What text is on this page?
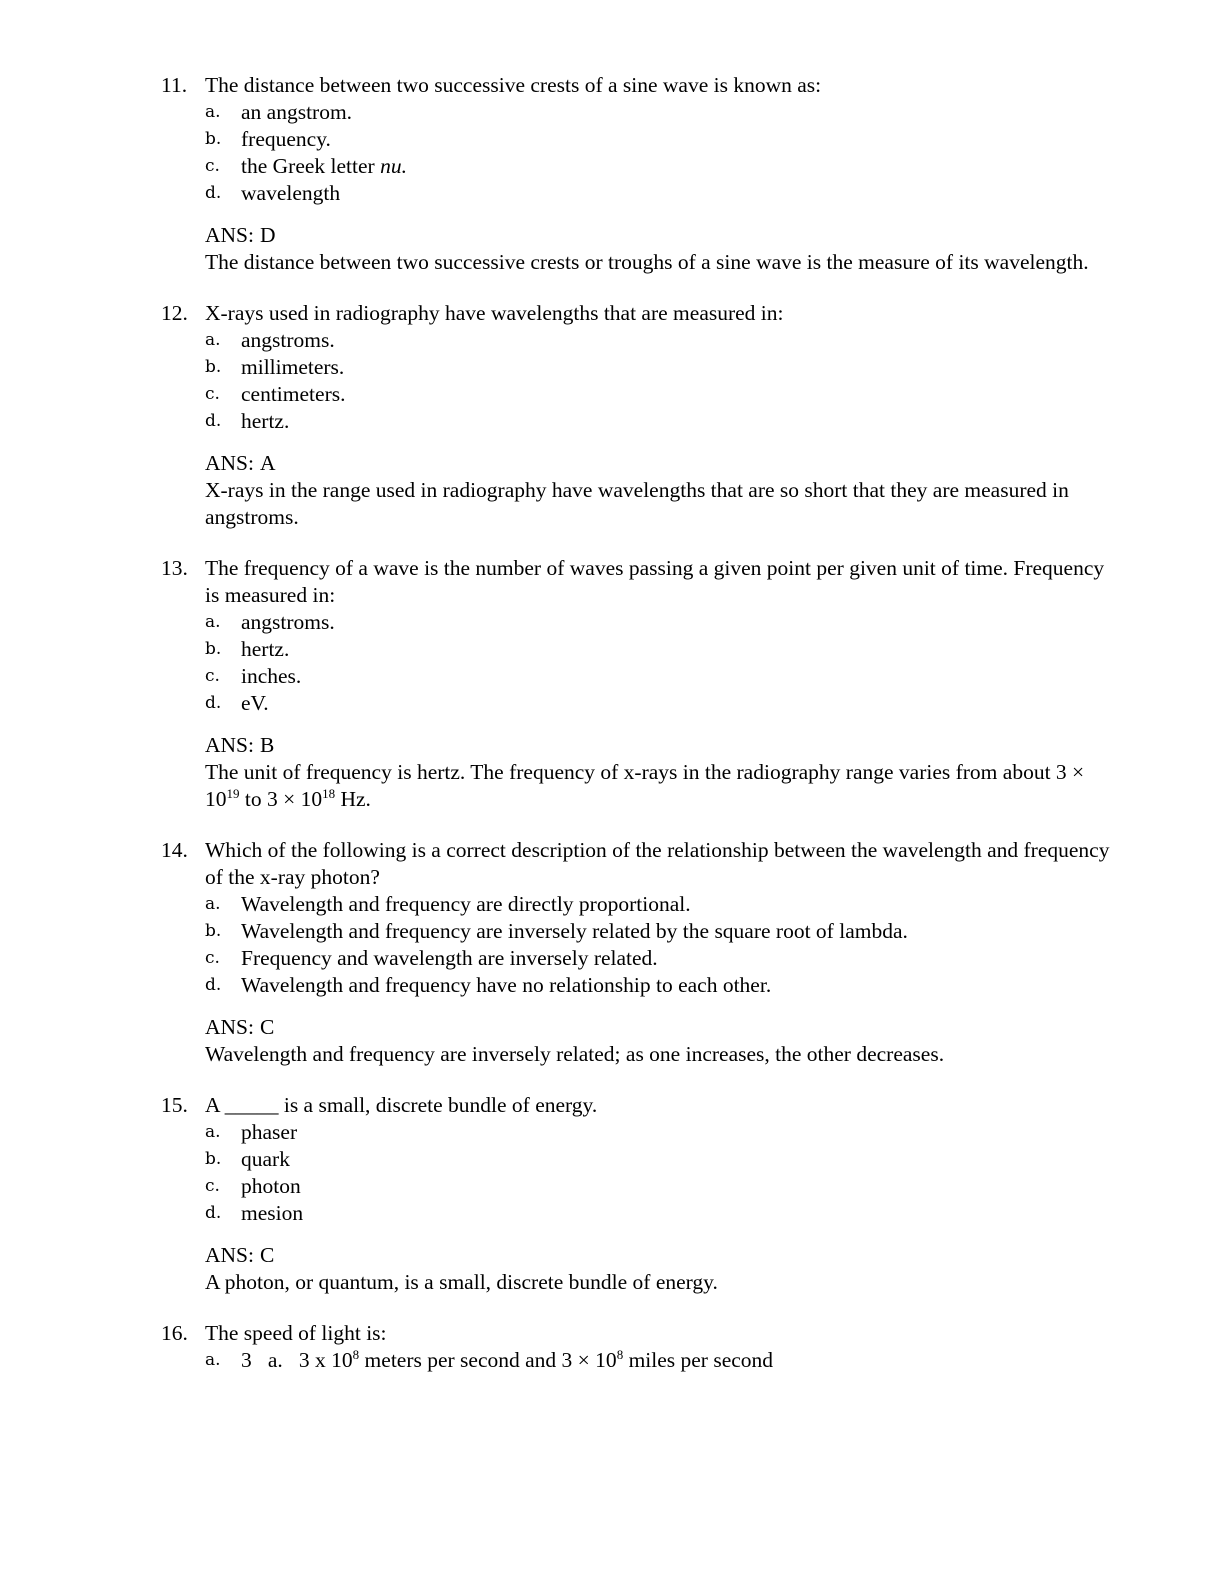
11. The distance between two successive crests of a sine wave is known as:
a. an angstrom.
b. frequency.
c. the Greek letter nu.
d. wavelength
ANS: D
The distance between two successive crests or troughs of a sine wave is the measure of its wavelength.
12. X-rays used in radiography have wavelengths that are measured in:
a. angstroms.
b. millimeters.
c. centimeters.
d. hertz.
ANS: A
X-rays in the range used in radiography have wavelengths that are so short that they are measured in angstroms.
13. The frequency of a wave is the number of waves passing a given point per given unit of time. Frequency is measured in:
a. angstroms.
b. hertz.
c. inches.
d. eV.
ANS: B
The unit of frequency is hertz. The frequency of x-rays in the radiography range varies from about $3 \times 10^{19}$ to $3 \times 10^{18}$ Hz.
14. Which of the following is a correct description of the relationship between the wavelength and frequency of the x-ray photon?
a. Wavelength and frequency are directly proportional.
b. Wavelength and frequency are inversely related by the square root of lambda.
c. Frequency and wavelength are inversely related.
d. Wavelength and frequency have no relationship to each other.
ANS: C
Wavelength and frequency are inversely related; as one increases, the other decreases.
15. A _____ is a small, discrete bundle of energy.
a. phaser
b. quark
c. photon
d. mesion
ANS: C
A photon, or quantum, is a small, discrete bundle of energy.
16. The speed of light is:
a. 3   a.   3 x $10^8$ meters per second and $3 \times 10^8$ miles per second
